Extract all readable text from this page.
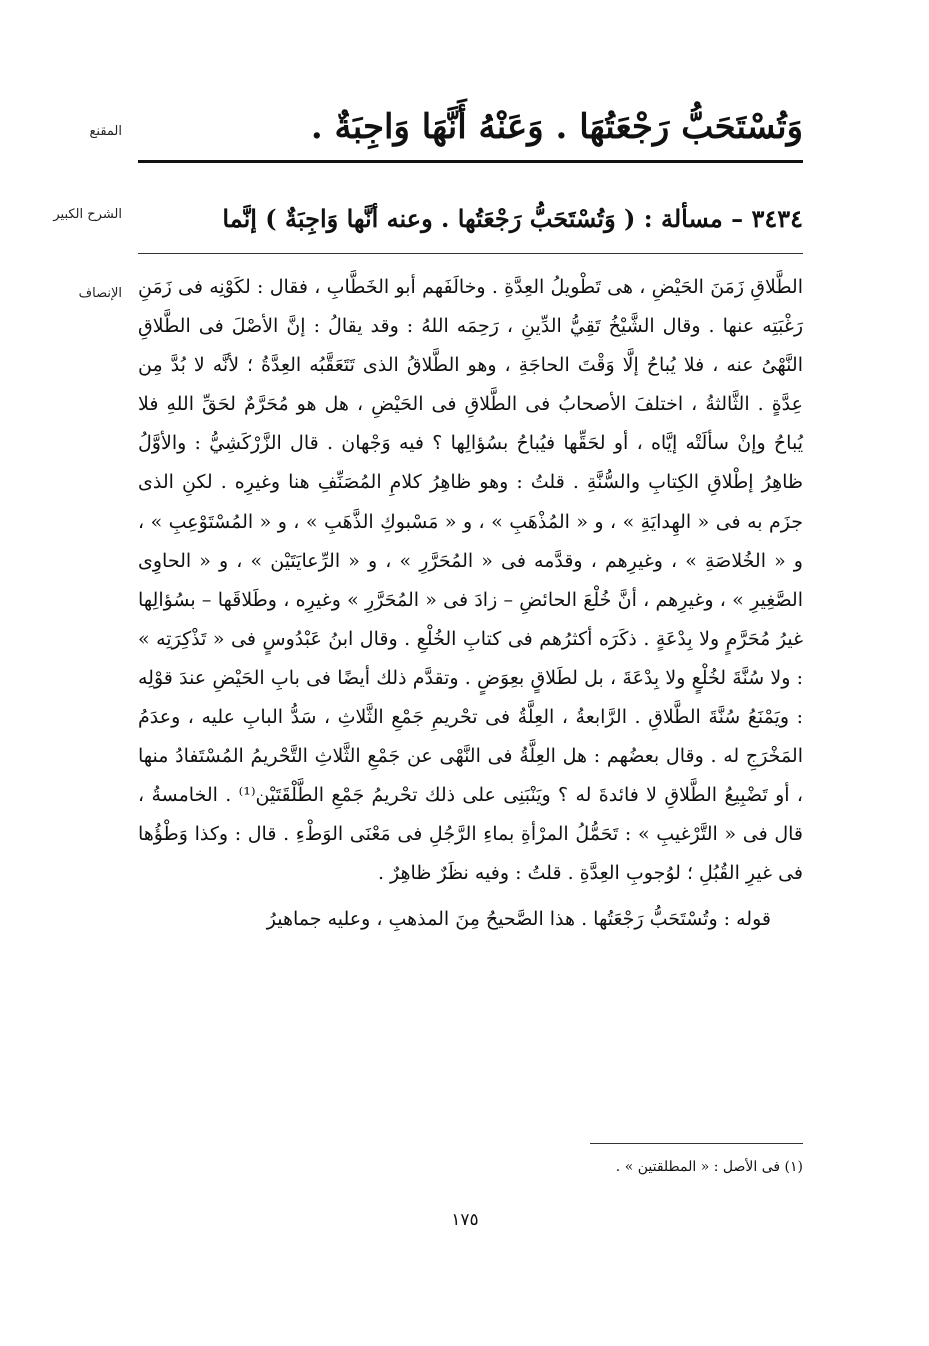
المقنع
الشرح الكبير
الإنصاف
وَتُسْتَحَبُّ رَجْعَتُهَا . وَعَنْهُ أَنَّهَا وَاجِبَةٌ .
٣٤٣٤ – مسألة : ( وَتُسْتَحَبُّ رَجْعَتُها . وعنه أنَّها وَاجِبَةٌ ) إنَّما

الطَّلاقِ زَمَنَ الحَيْضِ ، هى تَطْويلُ العِدَّةِ . وخالَفَهم أبو الخَطَّابِ ، فقال : لكَوْنِه فى زَمَنِ رَغْبَتِه عنها . وقال الشَّيْخُ تَقِيُّ الدِّينِ ، رَحِمَه اللهُ : وقد يقالُ : إنَّ الأصْلَ فى الطَّلاقِ النَّهْىُ عنه ، فلا يُباحُ إلَّا وَقْتَ الحاجَةِ ، وهو الطَّلاقُ الذى تَتَعَقَّبُه العِدَّةُ ؛ لأنَّه لا بُدَّ مِن عِدَّةٍ . الثَّالثةُ ، اختلفَ الأصحابُ فى الطَّلاقِ فى الحَيْضِ ، هل هو مُحَرَّمٌ لحَقِّ اللهِ فلا يُباحُ وإنْ سألَتْه إيَّاه ، أو لحَقِّها فيُباحُ بسُؤالِها ؟ فيه وَجْهان . قال الزَّرْكَشِيُّ : والأوَّلُ ظاهِرُ إطْلاقِ الكِتابِ والسُّنَّةِ . قلتُ : وهو ظاهِرُ كلامِ المُصَنِّفِ هنا وغيرِه . لكنِ الذى جزَم به فى « الهِدايَةِ » ، و « المُذْهَبِ » ، و « مَسْبوكِ الذَّهَبِ » ، و « المُسْتَوْعِبِ » ، و « الخُلاصَةِ » ، وغيرِهم ، وقدَّمه فى « المُحَرَّرِ » ، و « الرِّعايَتَيْن » ، و « الحاوِى الصَّغِيرِ » ، وغيرِهم ، أنَّ خُلْعَ الحائضِ – زادَ فى « المُحَرَّرِ » وغيرِه ، وطَلاقَها – بسُؤالِها غيرُ مُحَرَّمٍ ولا بِدْعَةٍ . ذكَرَه أكثرُهم فى كتابِ الخُلْعِ . وقال ابنُ عَبْدُوسٍ فى « تَذْكِرَتِه » : ولا سُنَّةَ لخُلْعٍ ولا بِدْعَةَ ، بل لطَلاقٍ بعِوَضٍ . وتقدَّم ذلك أيضًا فى بابِ الحَيْضِ عندَ قوْلِه : ويَمْنَعُ سُنَّةَ الطَّلاقِ . الرَّابعةُ ، العِلَّةُ فى تحْريمِ جَمْعِ الثَّلاثِ ، سَدُّ البابِ عليه ، وعدَمُ المَخْرَجِ له . وقال بعضُهم : هل العِلَّةُ فى النَّهْى عن جَمْعِ الثَّلاثِ التَّحْريمُ المُسْتَفادُ منها ، أو تَضْبِيعُ الطَّلاقِ لا فائدةَ له ؟ ويَنْبَنِى على ذلك تحْريمُ جَمْعِ الطَّلْقَتَيْن⁽¹⁾ . الخامسةُ ، قال فى « التَّرْغيبِ » : تَحَمُّلُ المرْأةِ بماءِ الرَّجُلِ فى مَعْنَى الوَطْءِ . قال : وكذا وَطْؤُها فى غيرِ القُبُلِ ؛ لوُجوبِ العِدَّةِ . قلتُ : وفيه نظَرٌ ظاهِرٌ .

قوله : وتُسْتَحَبُّ رَجْعَتُها . هذا الصَّحيحُ مِنَ المذهبِ ، وعليه جماهيرُ

(١) فى الأصل : « المطلقتين » .
١٧٥
